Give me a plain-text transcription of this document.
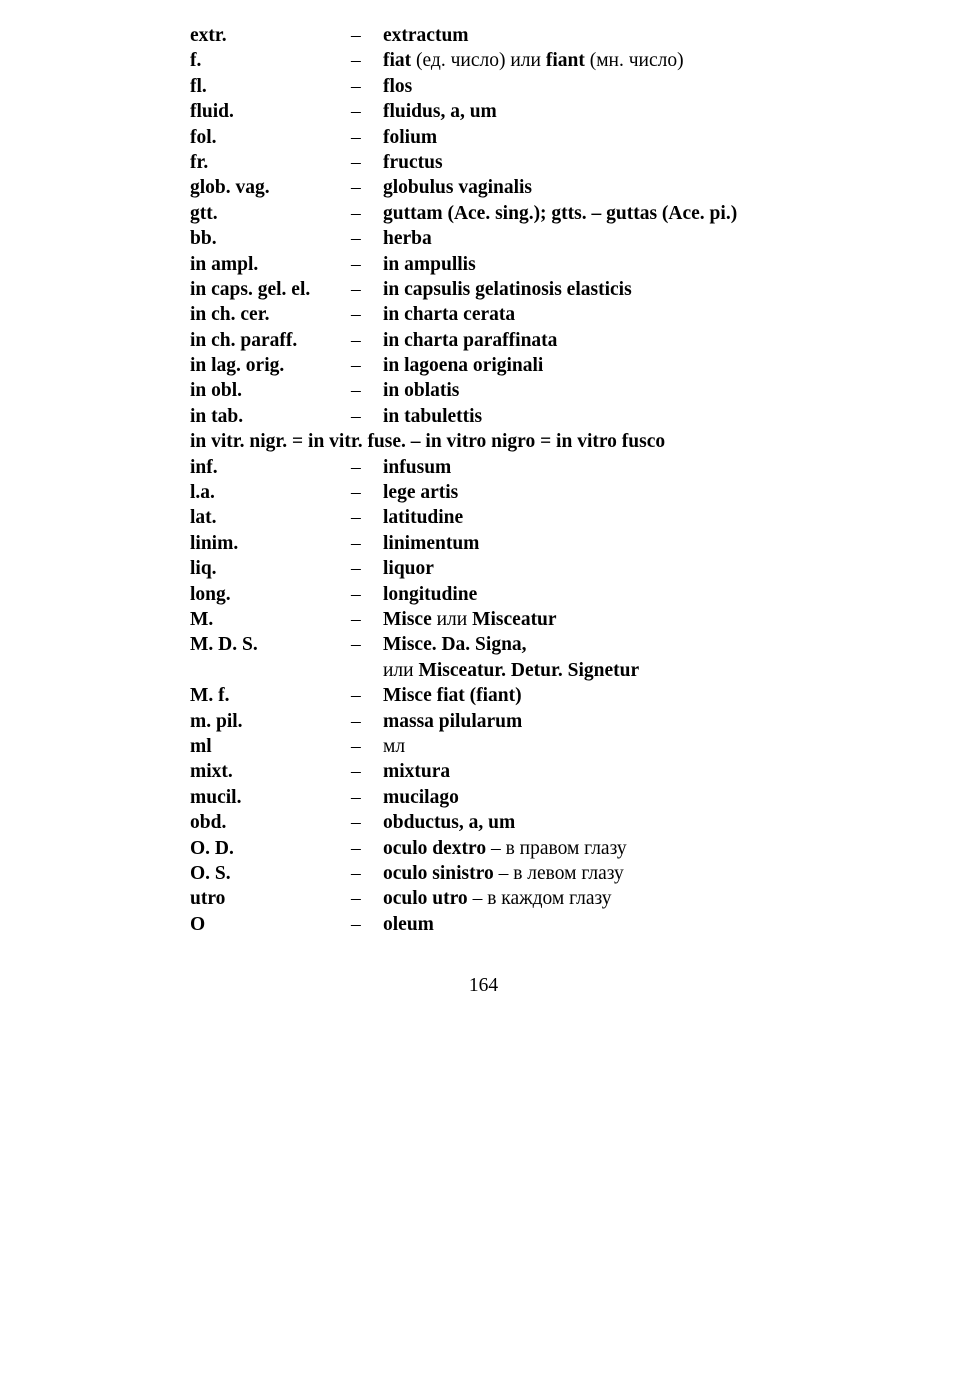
extr.	– extractum
f.	– fiat (ед. число) или fiant (мн. число)
fl.	– flos
fluid.	– fluidus, a, um
fol.	– folium
fr.	– fructus
glob. vag.	– globulus vaginalis
gtt.	– guttam (Ace. sing.); gtts. – guttas (Ace. pi.)
bb.	– herba
in ampl.	– in ampullis
in caps. gel. el. – in capsulis gelatinosis elasticis
in ch. cer.	– in charta cerata
in ch. paraff.	– in charta paraffinata
in lag. orig.	– in lagoena originali
in obl.	– in oblatis
in tab.	– in tabulettis
in vitr. nigr. = in vitr. fuse. – in vitro nigro = in vitro fusco
inf.	– infusum
l.a.	– lege artis
lat.	– latitudine
linim.	– linimentum
liq.	– liquor
long.	– longitudine
M.	– Misce или Misceatur
M. D. S.	– Misce. Da. Signa,
или Misceatur. Detur. Signetur
M. f.	– Misce fiat (fiant)
m. pil.	– massa pilularum
ml	– мл
mixt.	– mixtura
mucil.	– mucilago
obd.	– obductus, a, um
O. D.	– oculo dextro – в правом глазу
O. S.	– oculo sinistro – в левом глазу
utro	– oculo utro – в каждом глазу
O	– oleum
164
